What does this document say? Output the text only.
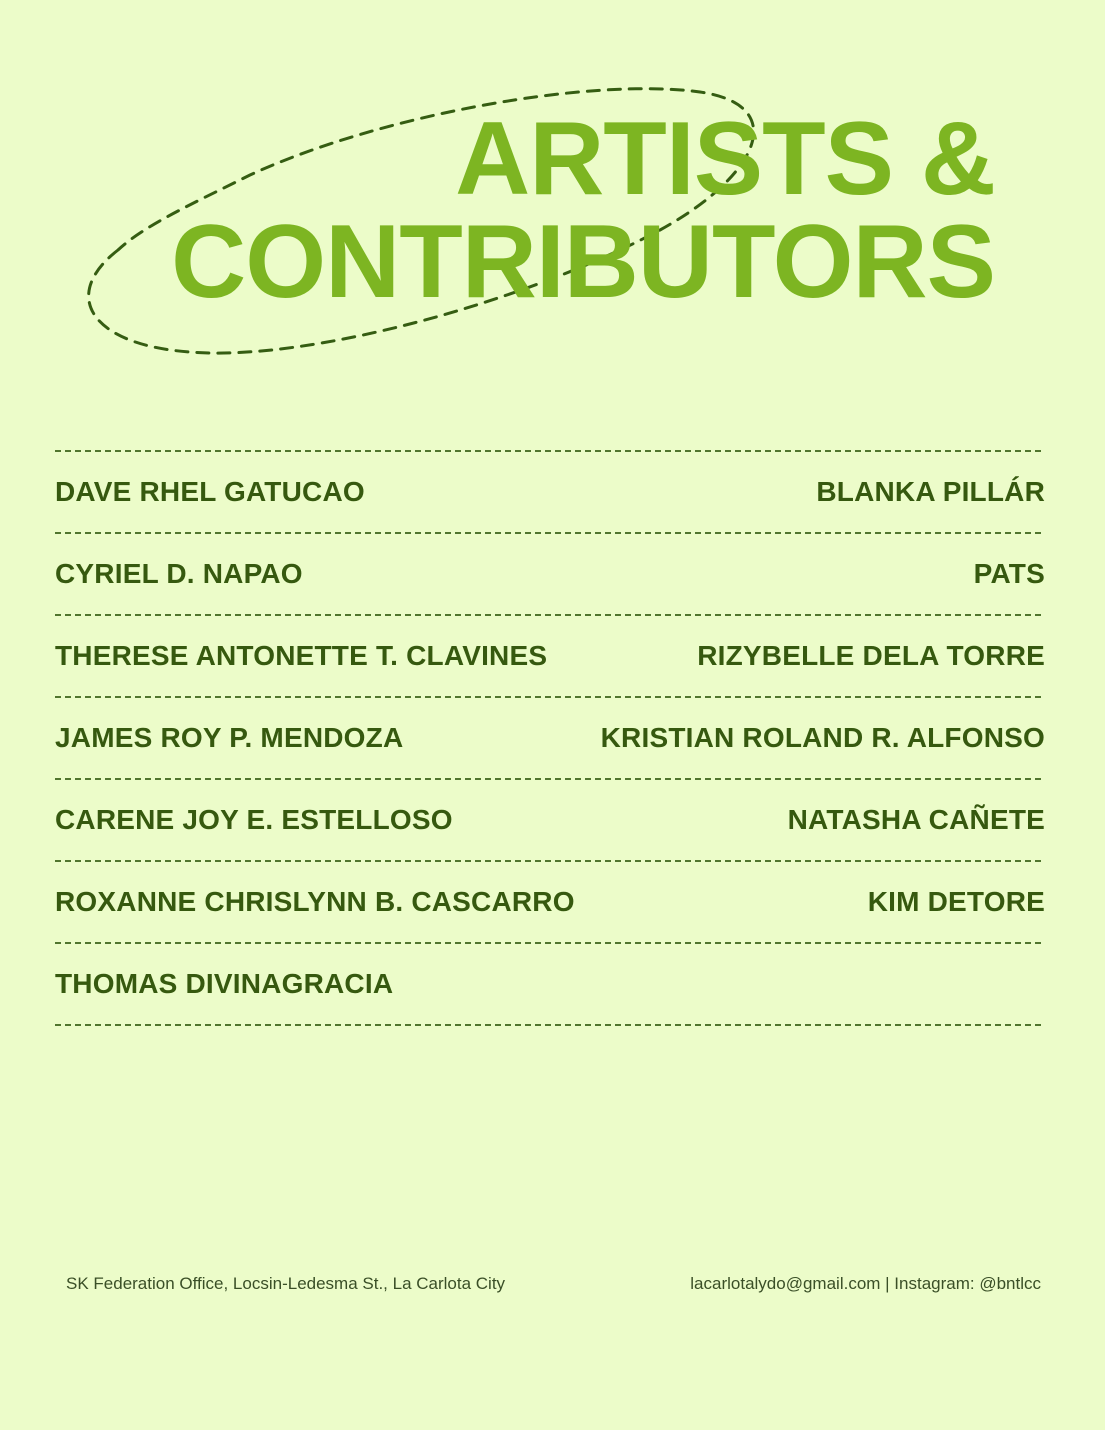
ARTISTS &
CONTRIBUTORS
DAVE RHEL GATUCAO	BLANKA PILLÁR
CYRIEL D. NAPAO	PATS
THERESE ANTONETTE T. CLAVINES	RIZYBELLE DELA TORRE
JAMES ROY P. MENDOZA	KRISTIAN ROLAND R. ALFONSO
CARENE JOY E. ESTELLOSO	NATASHA CAÑETE
ROXANNE CHRISLYNN B. CASCARRO	KIM DETORE
THOMAS DIVINAGRACIA
SK Federation Office, Locsin-Ledesma St., La Carlota City	lacarlotalydo@gmail.com | Instagram: @bntlcc
